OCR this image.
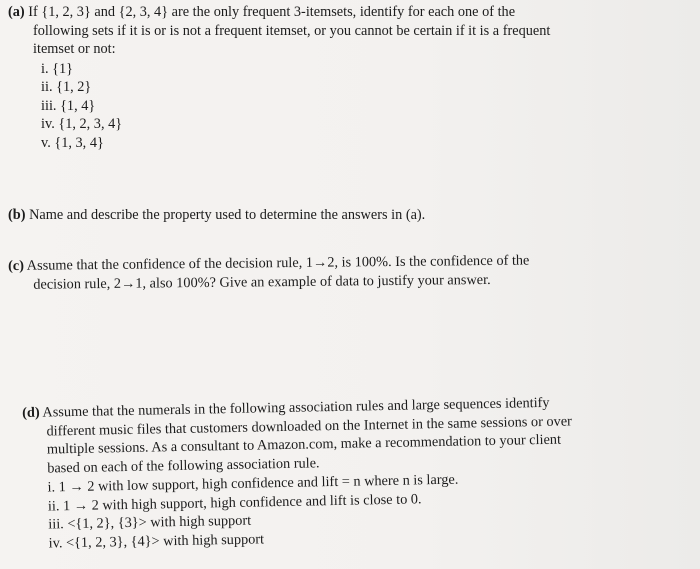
(a) If {1, 2, 3} and {2, 3, 4} are the only frequent 3-itemsets, identify for each one of the
following sets if it is or is not a frequent itemset, or you cannot be certain if it is a frequent
itemset or not:
i. {1}
ii. {1, 2}
iii. {1, 4}
iv. {1, 2, 3, 4}
v. {1, 3, 4}
(b) Name and describe the property used to determine the answers in (a).
(c) Assume that the confidence of the decision rule, 1→2, is 100%. Is the confidence of the
decision rule, 2→1, also 100%? Give an example of data to justify your answer.
(d) Assume that the numerals in the following association rules and large sequences identify
different music files that customers downloaded on the Internet in the same sessions or over
multiple sessions. As a consultant to Amazon.com, make a recommendation to your client
based on each of the following association rule.
i. 1 → 2 with low support, high confidence and lift = n where n is large.
ii. 1 → 2 with high support, high confidence and lift is close to 0.
iii. <{1, 2}, {3}> with high support
iv. <{1, 2, 3}, {4}> with high support
